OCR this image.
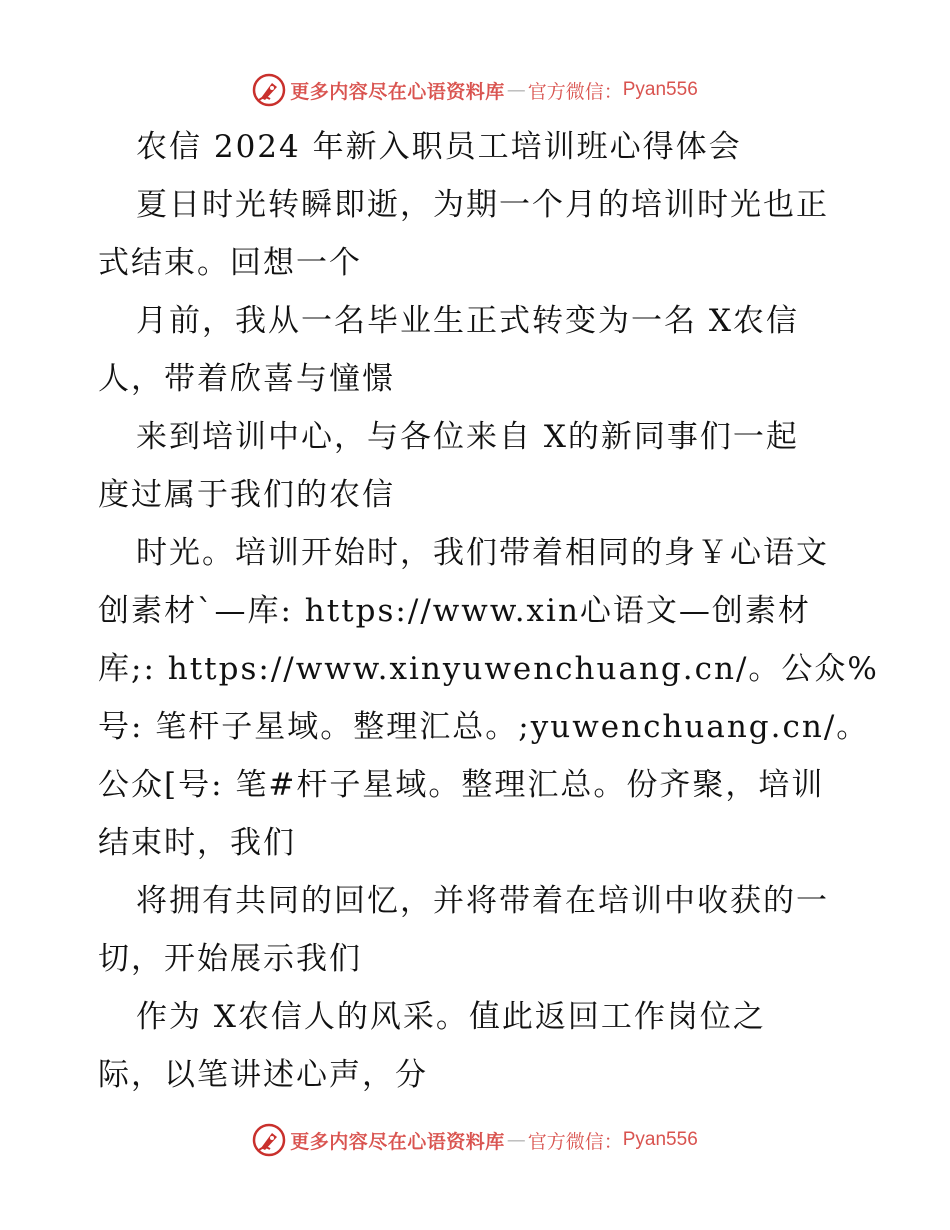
更多内容尽在心语资料库 — 官方微信： Pyan556
农信 2024 年新入职员工培训班心得体会
夏日时光转瞬即逝，为期一个月的培训时光也正
式结束。回想一个
月前，我从一名毕业生正式转变为一名 X农信
人，带着欣喜与憧憬
来到培训中心，与各位来自 X的新同事们一起
度过属于我们的农信
时光。培训开始时，我们带着相同的身￥心语文
创素材`—库: https://www.xin心语文—创素材
库;: https://www.xinyuwenchuang.cn/。公众%
号: 笔杆子星域。整理汇总。;yuwenchuang.cn/。
公众[号: 笔#杆子星域。整理汇总。份齐聚，培训
结束时，我们
将拥有共同的回忆，并将带着在培训中收获的一
切，开始展示我们
作为 X农信人的风采。值此返回工作岗位之
际，以笔讲述心声，分
更多内容尽在心语资料库 — 官方微信： Pyan556
